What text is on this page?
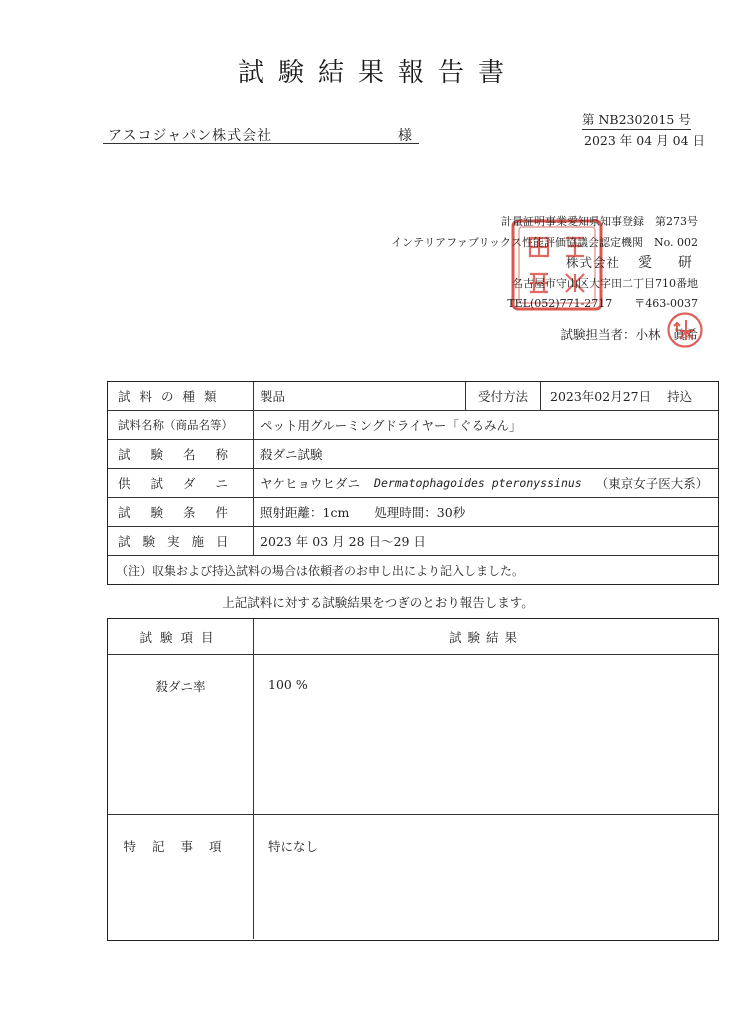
試験結果報告書
アスコジャパン株式会社	様
第 NB2302015 号
2023 年 04 月 04 日
計量証明事業愛知県知事登録　第273号
インテリアファブリックス性能評価協議会認定機関　No. 002
株式会社 愛　研
名古屋市守山区大字田二丁目710番地
TEL(052)771-2717　　〒463-0037
試験担当者：小林　眞希
試料の種類	製品	受付方法	2023年02月27日 持込
試料名称（商品名等）	ペット用グルーミングドライヤー「ぐるみん」
試験名称 殺ダニ試験
供試ダニ ヤケヒョウヒダニ Dermatophagoides pteronyssinus （東京女子医大系）
試験条件 照射距離：1cm　　処理時間：30秒
試験実施日	2023 年 03 月 28 日～29 日
（注）収集および持込試料の場合は依頼者のお申し出により記入しました。
上記試料に対する試験結果をつぎのとおり報告します。
試験項目	試験結果
殺ダニ率	100 %
特記事項	特になし
